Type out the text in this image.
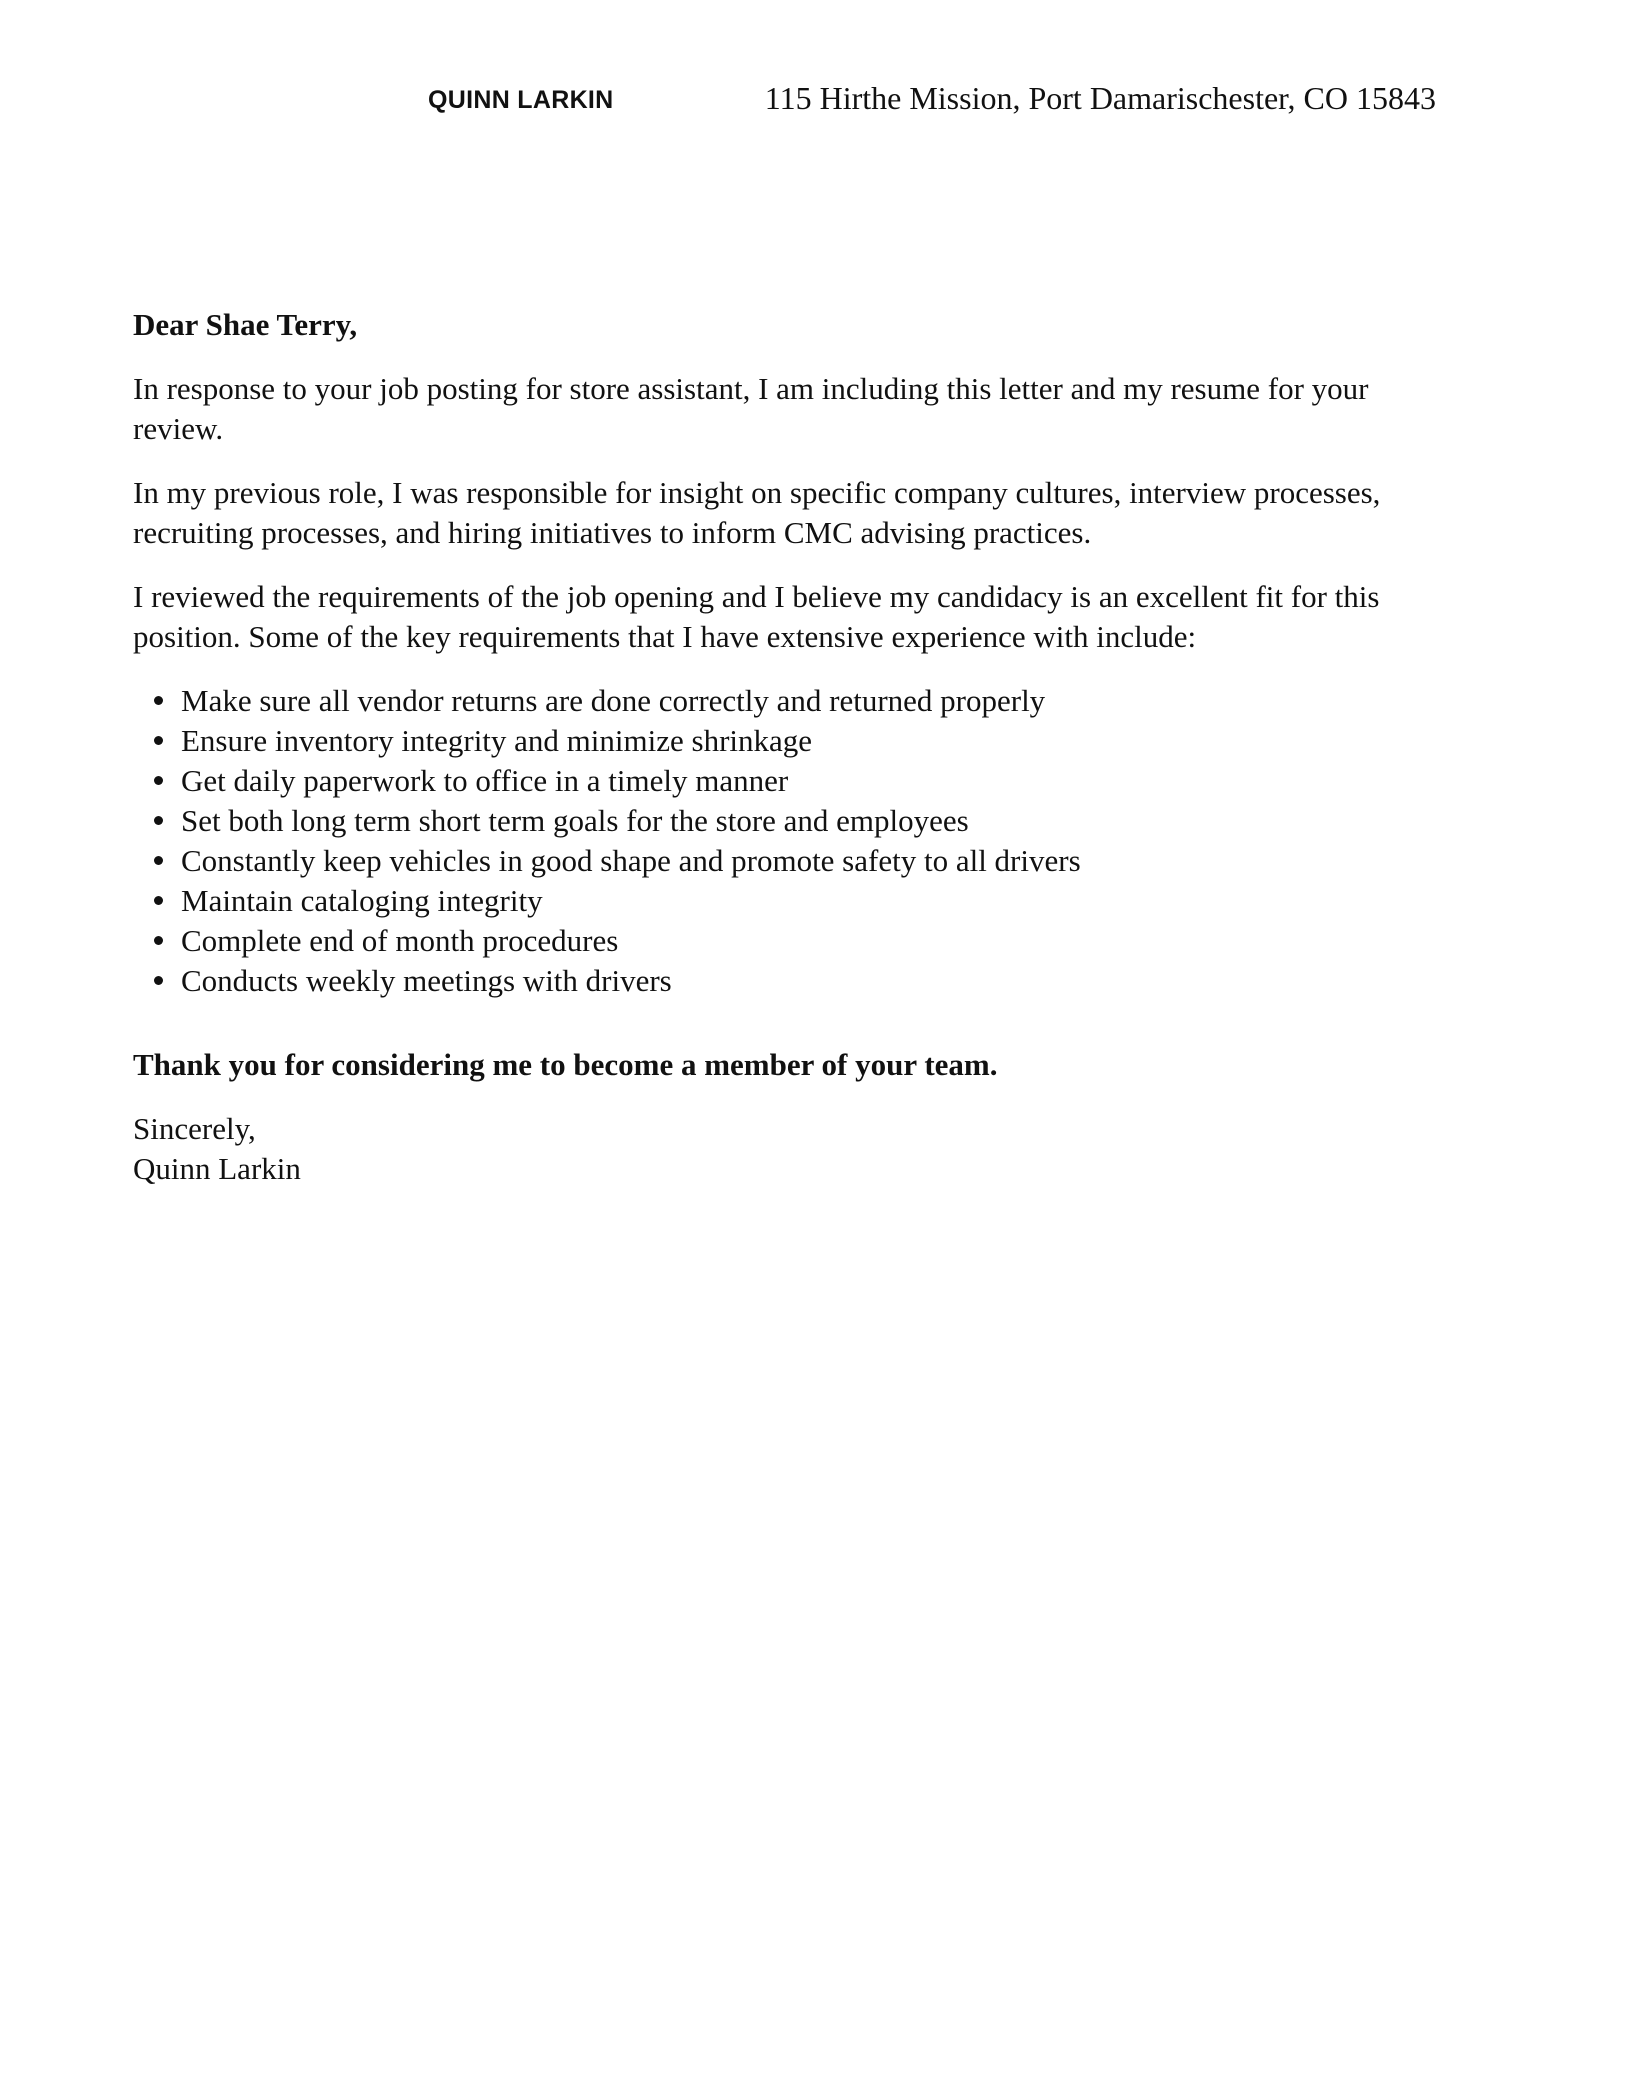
QUINN LARKIN	115 Hirthe Mission, Port Damarischester, CO 15843

Dear Shae Terry,

In response to your job posting for store assistant, I am including this letter and my resume for your review.

In my previous role, I was responsible for insight on specific company cultures, interview processes, recruiting processes, and hiring initiatives to inform CMC advising practices.

I reviewed the requirements of the job opening and I believe my candidacy is an excellent fit for this position. Some of the key requirements that I have extensive experience with include:

Make sure all vendor returns are done correctly and returned properly
Ensure inventory integrity and minimize shrinkage
Get daily paperwork to office in a timely manner
Set both long term short term goals for the store and employees
Constantly keep vehicles in good shape and promote safety to all drivers
Maintain cataloging integrity
Complete end of month procedures
Conducts weekly meetings with drivers

Thank you for considering me to become a member of your team.

Sincerely,

Quinn Larkin
